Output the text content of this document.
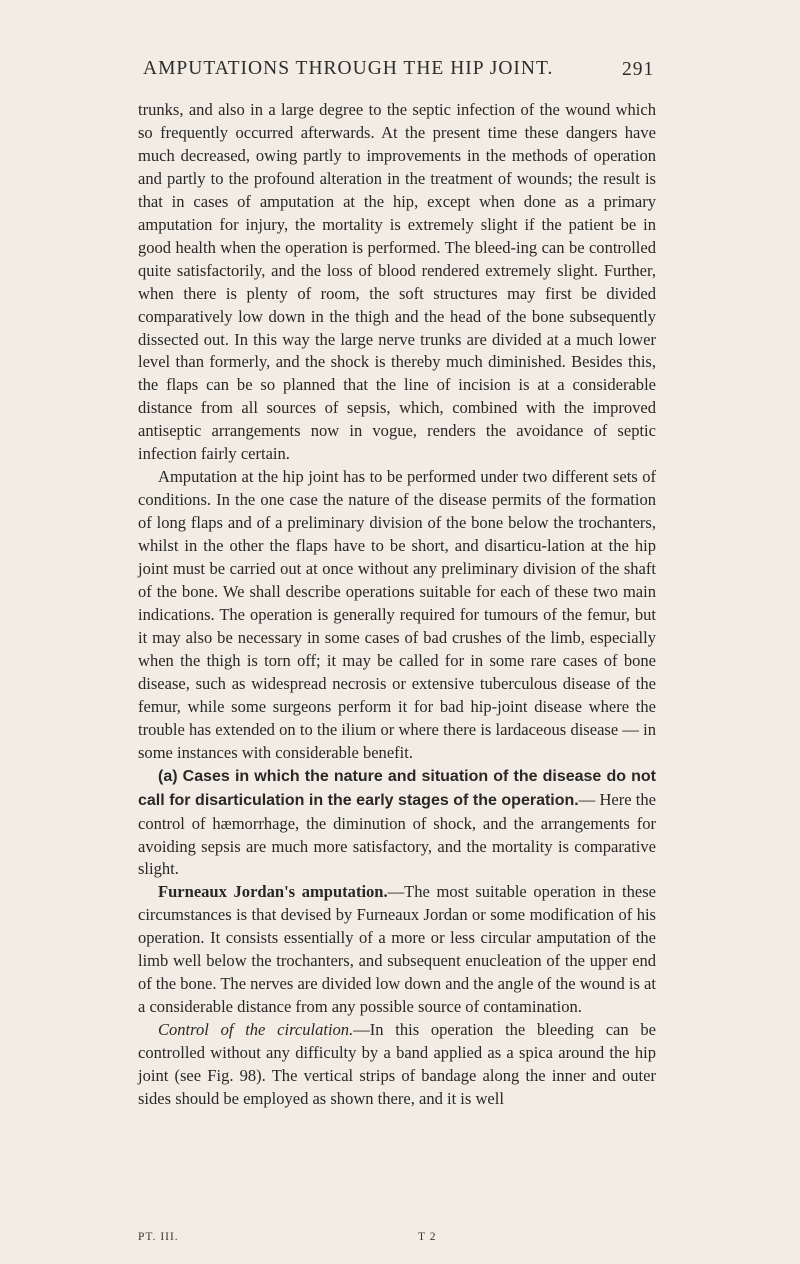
AMPUTATIONS THROUGH THE HIP JOINT.	291

trunks, and also in a large degree to the septic infection of the wound which so frequently occurred afterwards. At the present time these dangers have much decreased, owing partly to improvements in the methods of operation and partly to the profound alteration in the treatment of wounds; the result is that in cases of amputation at the hip, except when done as a primary amputation for injury, the mortality is extremely slight if the patient be in good health when the operation is performed. The bleed-ing can be controlled quite satisfactorily, and the loss of blood rendered extremely slight. Further, when there is plenty of room, the soft structures may first be divided comparatively low down in the thigh and the head of the bone subsequently dissected out. In this way the large nerve trunks are divided at a much lower level than formerly, and the shock is thereby much diminished. Besides this, the flaps can be so planned that the line of incision is at a considerable distance from all sources of sepsis, which, combined with the improved antiseptic arrangements now in vogue, renders the avoidance of septic infection fairly certain.

Amputation at the hip joint has to be performed under two different sets of conditions. In the one case the nature of the disease permits of the formation of long flaps and of a preliminary division of the bone below the trochanters, whilst in the other the flaps have to be short, and disarticu-lation at the hip joint must be carried out at once without any preliminary division of the shaft of the bone. We shall describe operations suitable for each of these two main indications. The operation is generally required for tumours of the femur, but it may also be necessary in some cases of bad crushes of the limb, especially when the thigh is torn off; it may be called for in some rare cases of bone disease, such as widespread necrosis or extensive tuberculous disease of the femur, while some surgeons perform it for bad hip-joint disease where the trouble has extended on to the ilium or where there is lardaceous disease — in some instances with considerable benefit.

(a) Cases in which the nature and situation of the disease do not call for disarticulation in the early stages of the operation.— Here the control of hæmorrhage, the diminution of shock, and the arrangements for avoiding sepsis are much more satisfactory, and the mortality is comparative slight.

Furneaux Jordan's amputation.—The most suitable operation in these circumstances is that devised by Furneaux Jordan or some modification of his operation. It consists essentially of a more or less circular amputation of the limb well below the trochanters, and subsequent enucleation of the upper end of the bone. The nerves are divided low down and the angle of the wound is at a considerable distance from any possible source of contamination.

Control of the circulation.—In this operation the bleeding can be controlled without any difficulty by a band applied as a spica around the hip joint (see Fig. 98). The vertical strips of bandage along the inner and outer sides should be employed as shown there, and it is well

PT. III.	T 2
